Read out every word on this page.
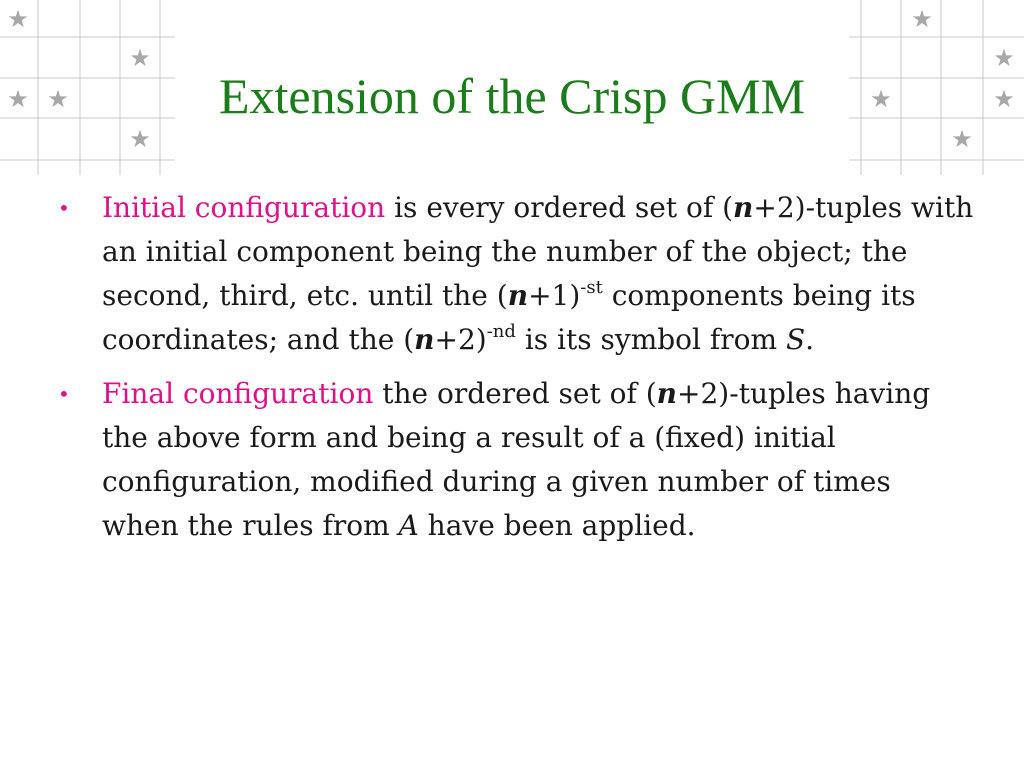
★
★
★ ★
★
★
★
★	★
★
Extension of the Crisp GMM
•	Initial configuration is every ordered set of (n+2)-tuples with an initial component being the number of the object; the second, third, etc. until the $(n+1)^{-st}$ components being its coordinates; and the $(n+2)^{-nd}$ is its symbol from S.
•	Final configuration the ordered set of (n+2)-tuples having the above form and being a result of a (fixed) initial configuration, modified during a given number of times when the rules from A have been applied.
